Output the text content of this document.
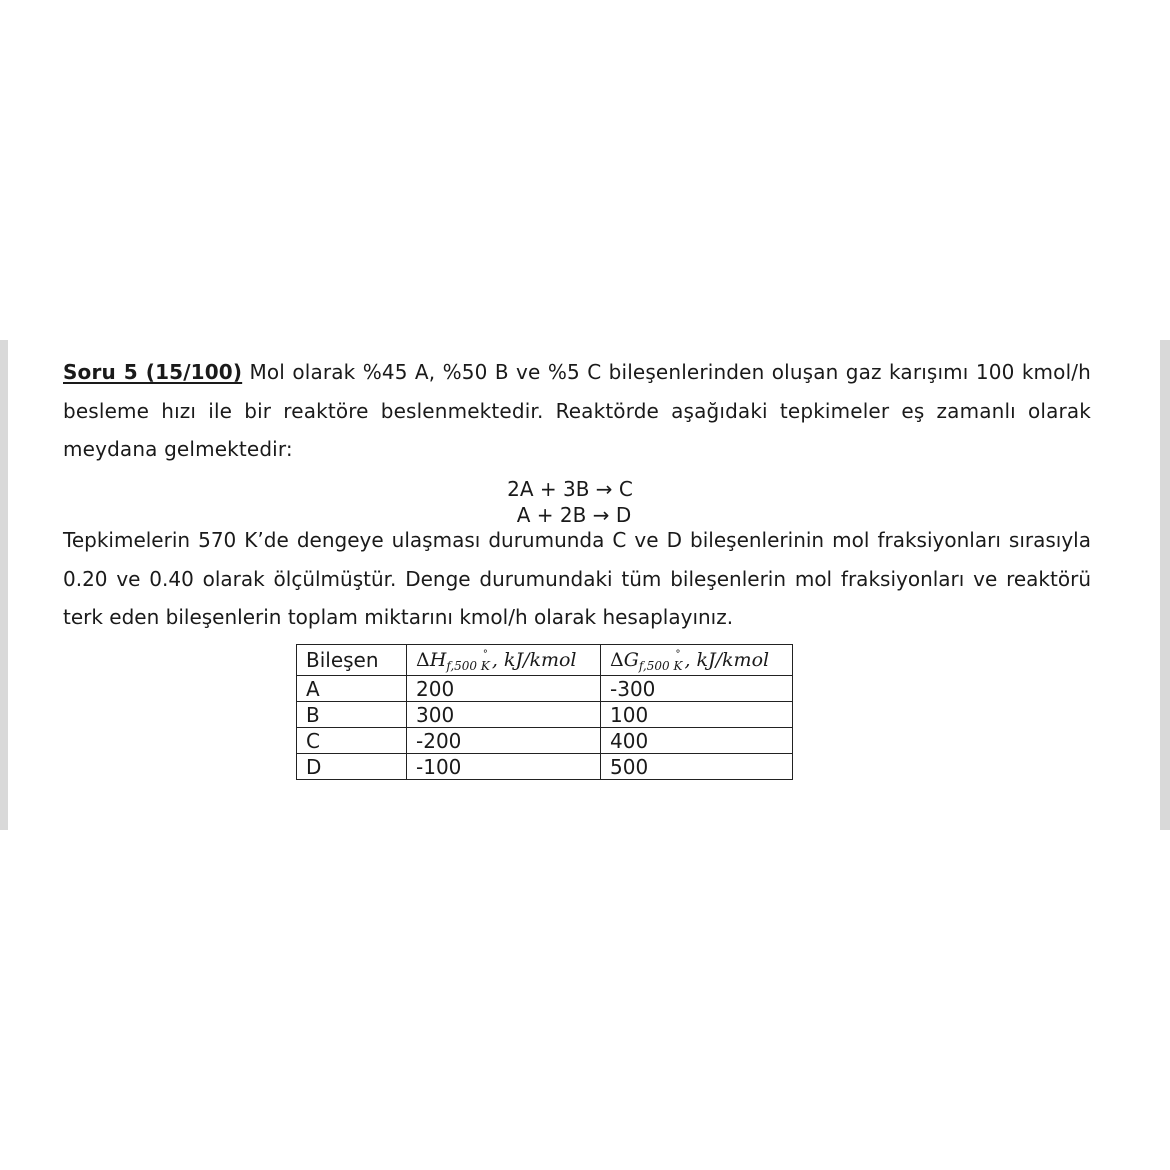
Soru 5 (15/100) Mol olarak %45 A, %50 B ve %5 C bileşenlerinden oluşan gaz karışımı 100 kmol/h besleme hızı ile bir reaktöre beslenmektedir. Reaktörde aşağıdaki tepkimeler eş zamanlı olarak meydana gelmektedir:

2A + 3B → C
A + 2B → D

Tepkimelerin 570 K’de dengeye ulaşması durumunda C ve D bileşenlerinin mol fraksiyonları sırasıyla 0.20 ve 0.40 olarak ölçülmüştür. Denge durumundaki tüm bileşenlerin mol fraksiyonları ve reaktörü terk eden bileşenlerin toplam miktarını kmol/h olarak hesaplayınız.

Bileşen	$\Delta H_{f,500 K}^\circ$ , kJ/kmol	$\Delta G_{f,500 K}^\circ$ , kJ/kmol
A	200	-300
B	300	100
C	-200	400
D	-100	500
